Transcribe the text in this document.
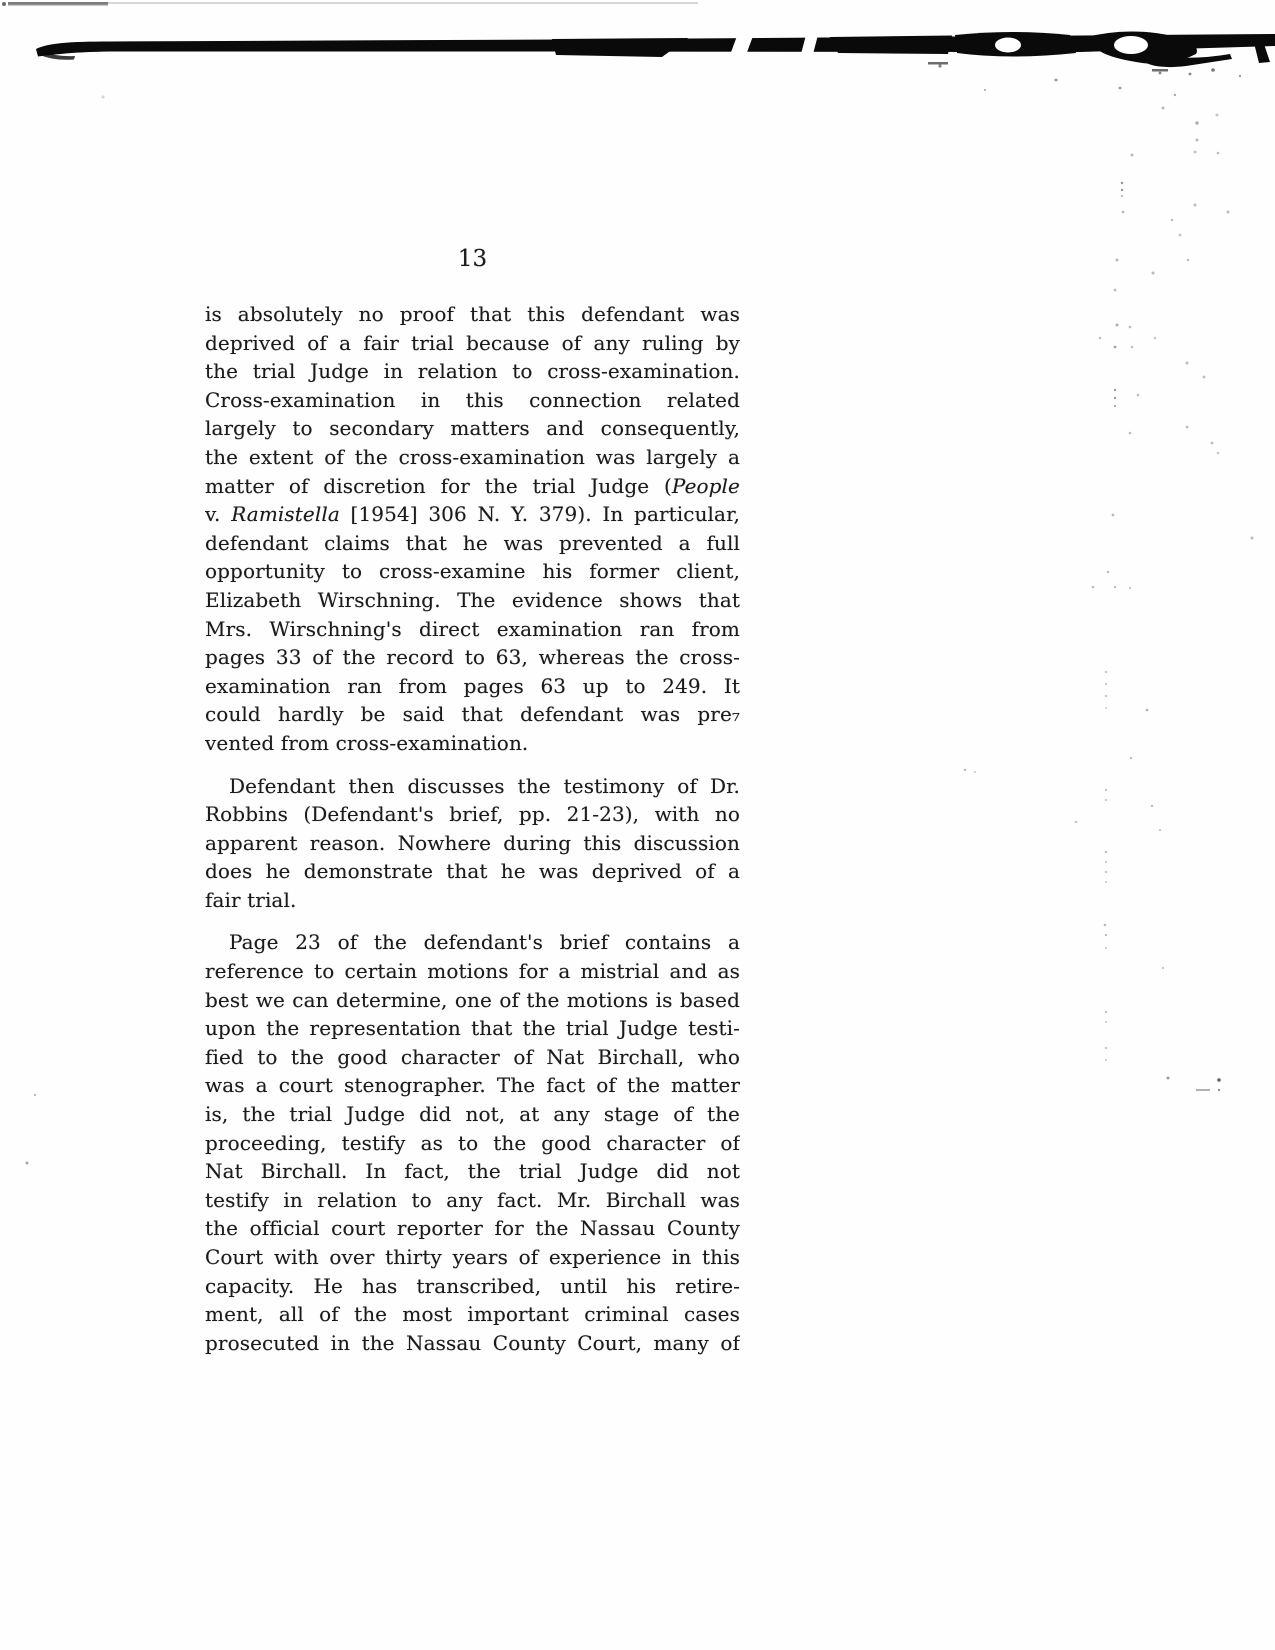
13
is absolutely no proof that this defendant was
deprived of a fair trial because of any ruling by
the trial Judge in relation to cross-examination.
Cross-examination in this connection related
largely to secondary matters and consequently,
the extent of the cross-examination was largely a
matter of discretion for the trial Judge (People
v. Ramistella [1954] 306 N. Y. 379). In particular,
defendant claims that he was prevented a full
opportunity to cross-examine his former client,
Elizabeth Wirschning. The evidence shows that
Mrs. Wirschning's direct examination ran from
pages 33 of the record to 63, whereas the cross-
examination ran from pages 63 up to 249. It
could hardly be said that defendant was pre₇
vented from cross-examination.
Defendant then discusses the testimony of Dr.
Robbins (Defendant's brief, pp. 21-23), with no
apparent reason. Nowhere during this discussion
does he demonstrate that he was deprived of a
fair trial.
Page 23 of the defendant's brief contains a
reference to certain motions for a mistrial and as
best we can determine, one of the motions is based
upon the representation that the trial Judge testi-
fied to the good character of Nat Birchall, who
was a court stenographer. The fact of the matter
is, the trial Judge did not, at any stage of the
proceeding, testify as to the good character of
Nat Birchall. In fact, the trial Judge did not
testify in relation to any fact. Mr. Birchall was
the official court reporter for the Nassau County
Court with over thirty years of experience in this
capacity. He has transcribed, until his retire-
ment, all of the most important criminal cases
prosecuted in the Nassau County Court, many of
